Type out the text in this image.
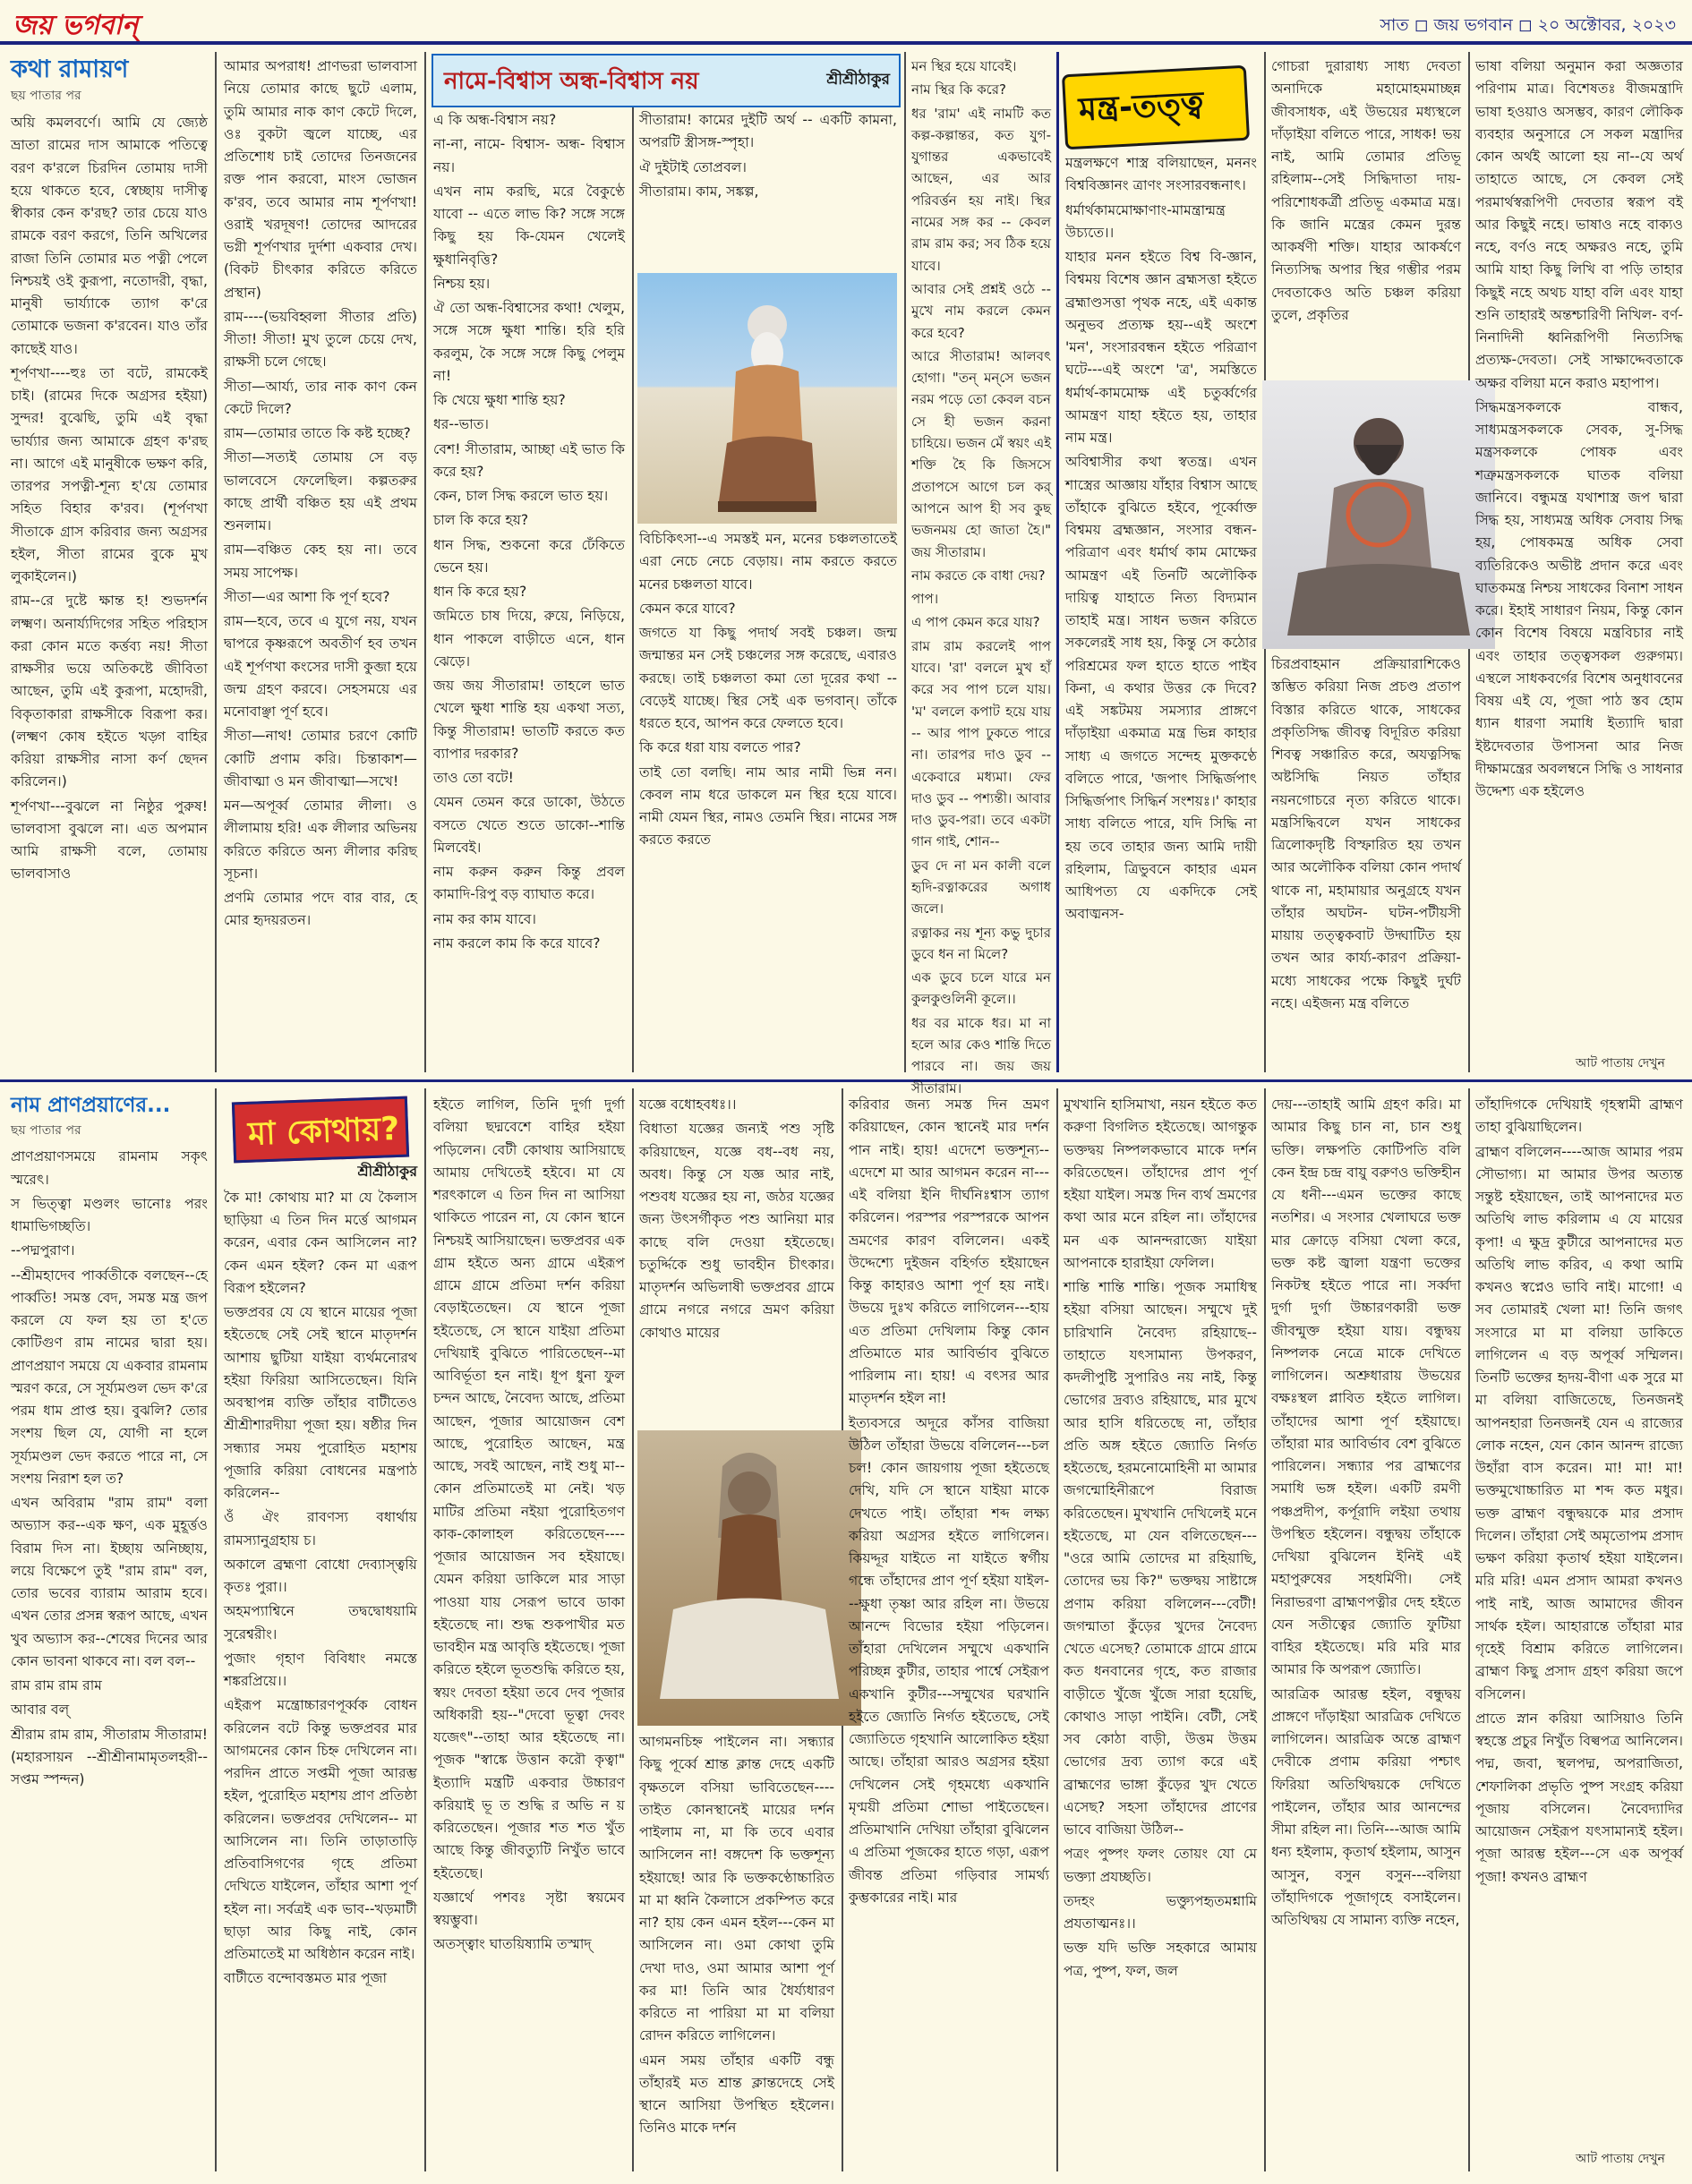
জয় ভগবান্	সাত ◻ জয় ভগবান ◻ ২০ অক্টোবর, ২০২৩
কথা রামায়ণ
ছয় পাতার পর

অয়ি কমলবর্ণে। আমি যে জ্যেষ্ঠ ভ্রাতা রামের দাস আমাকে পতিত্বে বরণ ক'রলে চিরদিন তোমায় দাসী হয়ে থাকতে হবে, স্বেচ্ছায় দাসীত্ব স্বীকার কেন ক'রছ? তার চেয়ে যাও রামকে বরণ করগে, তিনি অখিলের রাজা তিনি তোমার মত পত্নী পেলে নিশ্চয়ই ওই কুরূপা, নতোদরী, বৃদ্ধা, মানুষী ভার্য্যাকে ত্যাগ ক'রে তোমাকে ভজনা ক'রবেন। যাও তাঁর কাছেই যাও।

শূর্পণখা----হুঃ তা বটে, রামকেই চাই। (রামের দিকে অগ্রসর হইয়া) সুন্দর! বুঝেছি, তুমি এই বৃদ্ধা ভার্য্যার জন্য আমাকে গ্রহণ ক'রছ না। আগে এই মানুষীকে ভক্ষণ করি, তারপর সপত্নী-শূন্য হ'য়ে তোমার সহিত বিহার ক'রব। (শূর্পণখা সীতাকে গ্রাস করিবার জন্য অগ্রসর হইল, সীতা রামের বুকে মুখ লুকাইলেন।)

রাম--রে দুষ্টে ক্ষান্ত হ! শুভদর্শন লক্ষ্মণ। অনার্য্যদিগের সহিত পরিহাস করা কোন মতে কর্ত্তব্য নয়! সীতা রাক্ষসীর ভয়ে অতিকষ্টে জীবিতা আছেন, তুমি এই কুরূপা, মহোদরী, বিকৃতাকারা রাক্ষসীকে বিরূপা কর। (লক্ষ্মণ কোষ হইতে খড়্গ বাহির করিয়া রাক্ষসীর নাসা কর্ণ ছেদন করিলেন।)

শূর্পণখা---বুঝলে না নিষ্ঠুর পুরুষ! ভালবাসা বুঝলে না। এত অপমান আমি রাক্ষসী বলে, তোমায় ভালবাসাও

আমার অপরাধ! প্রাণভরা ভালবাসা নিয়ে তোমার কাছে ছুটে এলাম, তুমি আমার নাক কাণ কেটে দিলে, ওঃ বুকটা জ্বলে যাচ্ছে, এর প্রতিশোধ চাই তোদের তিনজনের রক্ত পান করবো, মাংস ভোজন ক'রব, তবে আমার নাম শূর্পণখা! ওরাই খরদূষণ! তোদের আদরের ভগ্নী শূর্পণখার দুর্দশা একবার দেখ। (বিকট চীৎকার করিতে করিতে প্রস্থান)

রাম----(ভয়বিহ্বলা সীতার প্রতি) সীতা! সীতা! মুখ তুলে চেয়ে দেখ, রাক্ষসী চলে গেছে।

সীতা—আর্য্য, তার নাক কাণ কেন কেটে দিলে?

রাম—তোমার তাতে কি কষ্ট হচ্ছে?

সীতা—সত্যই তোমায় সে বড় ভালবেসে ফেলেছিল। কল্পতরুর কাছে প্রার্থী বঞ্চিত হয় এই প্রথম শুনলাম।

রাম—বঞ্চিত কেহ হয় না। তবে সময় সাপেক্ষ।

সীতা—এর আশা কি পূর্ণ হবে?

রাম—হবে, তবে এ যুগে নয়, যখন দ্বাপরে কৃষ্ণরূপে অবতীর্ণ হব তখন এই শূর্পণখা কংসের দাসী কুব্জা হয়ে জন্ম গ্রহণ করবে। সেহসময়ে এর মনোবাঞ্ছা পূর্ণ হবে।

সীতা—নাথ! তোমার চরণে কোটি কোটি প্রণাম করি। চিন্তাকাশ—জীবাত্মা ও মন জীবাত্মা—সখে!

মন—অপূর্ব্ব তোমার লীলা। ও লীলামায় হরি! এক লীলার অভিনয় করিতে করিতে অন্য লীলার করিছ সূচনা।

প্রণমি তোমার পদে বার বার, হে মোর হৃদয়রতন।

নামে-বিশ্বাস অন্ধ-বিশ্বাস নয়	শ্রীশ্রীঠাকুর

এ কি অন্ধ-বিশ্বাস নয়?

না-না, নামে- বিশ্বাস- অন্ধ- বিশ্বাস নয়।

এখন নাম করছি, মরে বৈকুণ্ঠে যাবো -- এতে লাভ কি? সঙ্গে সঙ্গে কিছু হয় কি-যেমন খেলেই ক্ষুধানিবৃত্তি?

নিশ্চয় হয়।

ঐ তো অন্ধ-বিশ্বাসের কথা! খেলুম, সঙ্গে সঙ্গে ক্ষুধা শান্তি। হরি হরি করলুম, কৈ সঙ্গে সঙ্গে কিছু পেলুম না!

কি খেয়ে ক্ষুধা শান্তি হয়?

ধর--ভাত।

বেশ! সীতারাম, আচ্ছা এই ভাত কি করে হয়?

কেন, চাল সিদ্ধ করলে ভাত হয়।

চাল কি করে হয়?

ধান সিদ্ধ, শুকনো করে ঢেঁকিতে ভেনে হয়।

ধান কি করে হয়?

জমিতে চাষ দিয়ে, রুয়ে, নিড়িয়ে, ধান পাকলে বাড়ীতে এনে, ধান ঝেড়ে।

জয় জয় সীতারাম! তাহলে ভাত খেলে ক্ষুধা শান্তি হয় একথা সত্য, কিন্তু সীতারাম! ভাতটি করতে কত ব্যাপার দরকার?

তাও তো বটে!

যেমন তেমন করে ডাকো, উঠতে বসতে খেতে শুতে ডাকো--শান্তি মিলবেই।

নাম করুন করুন কিন্তু প্রবল কামাদি-রিপু বড় ব্যাঘাত করে।

নাম কর কাম যাবে।

নাম করলে কাম কি করে যাবে?

সীতারাম! কামের দুইটি অর্থ -- একটি কামনা, অপরটি স্ত্রীসঙ্গ-স্পৃহা।

ঐ দুইটাই তোপ্রবল।

সীতারাম। কাম, সঙ্কল্প,

বিচিকিৎসা--এ সমস্তই মন, মনের চঞ্চলতাতেই এরা নেচে নেচে বেড়ায়। নাম করতে করতে মনের চঞ্চলতা যাবে।

কেমন করে যাবে?

জগতে যা কিছু পদার্থ সবই চঞ্চল। জন্ম জন্মান্তর মন সেই চঞ্চলের সঙ্গ করেছে, এবারও করছে। তাই চঞ্চলতা কমা তো দূরের কথা -- বেড়েই যাচ্ছে। স্থির সেই এক ভগবান্। তাঁকে ধরতে হবে, আপন করে ফেলতে হবে।

কি করে ধরা যায় বলতে পার?

তাই তো বলছি। নাম আর নামী ভিন্ন নন। কেবল নাম ধরে ডাকলে মন স্থির হয়ে যাবে। নামী যেমন স্থির, নামও তেমনি স্থির। নামের সঙ্গ করতে করতে

মন স্থির হয়ে যাবেই।

নাম স্থির কি করে?

ধর 'রাম' এই নামটি কত কল্প-কল্পান্তর, কত যুগ-যুগান্তর একভাবেই আছেন, এর আর পরিবর্ত্তন হয় নাই। স্থির নামের সঙ্গ কর -- কেবল রাম রাম কর; সব ঠিক হয়ে যাবে।

আবার সেই প্রশ্নই ওঠে -- মুখে নাম করলে কেমন করে হবে?

আরে সীতারাম! আলবৎ হোগা। "তন্ মন্‌সে ভজন নরম পড়ে তো কেবল বচন সে হী ভজন করনা চাহিয়ে। ভজন মেঁ স্বয়ং এই শক্তি হৈ কি জিসসে প্রতাপসে আগে চল কর্ আপনে আপ হী সব কুছ ভজনময় হো জাতা হৈ।" জয় সীতারাম।

নাম করতে কে বাধা দেয়?

পাপ।

এ পাপ কেমন করে যায়?

রাম রাম করলেই পাপ যাবে। 'রা' বললে মুখ হাঁ করে সব পাপ চলে যায়। 'ম' বললে কপাট হয়ে যায় -- আর পাপ ঢুকতে পারে না। তারপর দাও ডুব -- একেবারে মধ্যমা। ফের দাও ডুব -- পশ্যন্তী। আবার দাও ডুব-পরা। তবে একটা গান গাই, শোন--

ডুব দে না মন কালী বলে হৃদি-রত্নাকরের অগাধ জলে।

রত্নাকর নয় শূন্য কভু দুচার ডুবে ধন না মিলে?

এক ডুবে চলে যারে মন কুলকুণ্ডলিনী কূলে।।

ধর বর মাকে ধর। মা না হলে আর কেও শান্তি দিতে পারবে না। জয় জয় সীতারাম।

মন্ত্র-তত্ত্ব

মন্ত্রলক্ষণে শাস্ত্র বলিয়াছেন, মননং বিশ্ববিজ্ঞানং ত্রাণং সংসারবন্ধনাৎ।

ধর্মার্থকামমোক্ষাণাং-মামন্ত্রান্মন্ত্র উচ্যতে।।

যাহার মনন হইতে বিশ্ব বি-জ্ঞান, বিশ্বময় বিশেষ জ্ঞান ব্রহ্মসত্তা হইতে ব্রহ্মাণ্ডসত্তা পৃথক নহে, এই একান্ত অনুভব প্রত্যক্ষ হয়--এই অংশে 'মন', সংসারবন্ধন হইতে পরিত্রাণ ঘটে---এই অংশে 'ত্র', সমস্তিতে ধর্মার্থ-কামমোক্ষ এই চতুর্ব্বর্গের আমন্ত্রণ যাহা হইতে হয়, তাহার নাম মন্ত্র।

অবিশ্বাসীর কথা স্বতন্ত্র। এখন শাস্ত্রের আজ্ঞায় যাঁহার বিশ্বাস আছে তাঁহাকে বুঝিতে হইবে, পূর্ব্বোক্ত বিশ্বময় ব্রহ্মজ্ঞান, সংসার বন্ধন-পরিত্রাণ এবং ধর্মার্থ কাম মোক্ষের আমন্ত্রণ এই তিনটি অলৌকিক দায়িত্ব যাহাতে নিত্য বিদ্যমান তাহাই মন্ত্র। সাধন ভজন করিতে সকলেরই সাধ হয়, কিন্তু সে কঠোর পরিশ্রমের ফল হাতে হাতে পাইব কিনা, এ কথার উত্তর কে দিবে? এই সঙ্কটময় সমস্যার প্রাঙ্গণে দাঁড়াইয়া একমাত্র মন্ত্র ভিন্ন কাহার সাধ্য এ জগতে সন্দেহ মুক্তকণ্ঠে বলিতে পারে, 'জপাৎ সিদ্ধির্জপাৎ সিদ্ধির্জপাৎ সিদ্ধির্ন সংশয়ঃ।' কাহার সাধ্য বলিতে পারে, যদি সিদ্ধি না হয় তবে তাহার জন্য আমি দায়ী রহিলাম, ত্রিভুবনে কাহার এমন আধিপত্য যে একদিকে সেই অবাঙ্মনস-

গোচরা দুরারাধ্য সাধ্য দেবতা অনাদিকে মহামোহমমাচ্ছন্ন জীবসাধক, এই উভয়ের মধ্যস্থলে দাঁড়াইয়া বলিতে পারে, সাধক! ভয় নাই, আমি তোমার প্রতিভূ রহিলাম--সেই সিদ্ধিদাতা দায়-পরিশোধকর্ত্রী প্রতিভূ একমাত্র মন্ত্র। কি জানি মন্ত্রের কেমন দুরন্ত আকর্ষণী শক্তি। যাহার আকর্ষণে নিত্যসিদ্ধ অপার স্থির গম্ভীর পরম দেবতাকেও অতি চঞ্চল করিয়া তুলে, প্রকৃতির

চিরপ্রবাহমান প্রক্রিয়ারাশিকেও স্তম্ভিত করিয়া নিজ প্রচণ্ড প্রতাপ বিস্তার করিতে থাকে, সাধকের প্রকৃতিসিদ্ধ জীবত্ব বিদূরিত করিয়া শিবত্ব সঞ্চারিত করে, অযত্নসিদ্ধ অষ্টসিদ্ধি নিয়ত তাঁহার নয়নগোচরে নৃত্য করিতে থাকে। মন্ত্রসিদ্ধিবলে যখন সাধকের ত্রিলোকদৃষ্টি বিস্ফারিত হয় তখন আর অলৌকিক বলিয়া কোন পদার্থ থাকে না, মহামায়ার অনুগ্রহে যখন তাঁহার অঘটন- ঘটন-পটীয়সী মায়ায় তত্ত্বকবাট উদ্ঘাটিত হয় তখন আর কার্য্য-কারণ প্রক্রিয়া-মধ্যে সাধকের পক্ষে কিছুই দুর্ঘট নহে। এইজন্য মন্ত্র বলিতে

ভাষা বলিয়া অনুমান করা অজ্ঞতার পরিণাম মাত্র। বিশেষতঃ বীজমন্ত্রাদি ভাষা হওয়াও অসম্ভব, কারণ লৌকিক ব্যবহার অনুসারে সে সকল মন্ত্রাদির কোন অর্থই আলো হয় না--যে অর্থ তাহাতে আছে, সে কেবল সেই পরমার্থস্বরূপিণী দেবতার স্বরূপ বই আর কিছুই নহে। ভাষাও নহে বাক্যও নহে, বর্ণও নহে অক্ষরও নহে, তুমি আমি যাহা কিছু লিখি বা পড়ি তাহার কিছুই নহে অথচ যাহা বলি এবং যাহা শুনি তাহারই অন্তশ্চারিণী নিখিল- বর্ণ-নিনাদিনী ধ্বনিরূপিণী নিত্যসিদ্ধ প্রত্যক্ষ-দেবতা। সেই সাক্ষাদ্দেবতাকে অক্ষর বলিয়া মনে করাও মহাপাপ।

সিদ্ধমন্ত্রসকলকে বান্ধব, সাধ্যমন্ত্রসকলকে সেবক, সু-সিদ্ধ মন্ত্রসকলকে পোষক এবং শত্রুমন্ত্রসকলকে ঘাতক বলিয়া জানিবে। বন্ধুমন্ত্র যথাশাস্ত্র জপ দ্বারা সিদ্ধ হয়, সাধ্যমন্ত্র অধিক সেবায় সিদ্ধ হয়, পোষকমন্ত্র অধিক সেবা ব্যতিরিকেও অভীষ্ট প্রদান করে এবং ঘাতকমন্ত্র নিশ্চয় সাধকের বিনাশ সাধন করে। ইহাই সাধারণ নিয়ম, কিন্তু কোন কোন বিশেষ বিষয়ে মন্ত্রবিচার নাই এবং তাহার তত্ত্বসকল গুরুগম্য। এস্থলে সাধকবর্গের বিশেষ অনুধাবনের বিষয় এই যে, পূজা পাঠ স্তব হোম ধ্যান ধারণা সমাধি ইত্যাদি দ্বারা ইষ্টদেবতার উপাসনা আর নিজ দীক্ষামন্ত্রের অবলম্বনে সিদ্ধি ও সাধনার উদ্দেশ্য এক হইলেও

আট পাতায় দেখুন
নাম প্রাণপ্রয়াণের...
ছয় পাতার পর

প্রাণপ্রয়াণসময়ে রামনাম সকৃৎ স্মরেৎ।

স ভিত্ত্বা মণ্ডলং ভানোঃ পরং ধামাভিগচ্ছতি।

--পদ্মপুরাণ।

--শ্রীমহাদেব পার্ব্বতীকে বলছেন--হে পার্ব্বতি! সমস্ত বেদ, সমস্ত মন্ত্র জপ করলে যে ফল হয় তা হ'তে কোটিগুণ রাম নামের দ্বারা হয়। প্রাণপ্রয়াণ সময়ে যে একবার রামনাম স্মরণ করে, সে সূর্য্যমণ্ডল ভেদ ক'রে পরম ধাম প্রাপ্ত হয়। বুঝলি? তোর সংশয় ছিল যে, যোগী না হলে সূর্য্যমণ্ডল ভেদ করতে পারে না, সে সংশয় নিরাশ হল ত?

এখন অবিরাম "রাম রাম" বলা অভ্যাস কর--এক ক্ষণ, এক মুহূর্ত্তও বিরাম দিস না। ইচ্ছায় অনিচ্ছায়, লয়ে বিক্ষেপে তুই "রাম রাম" বল, তোর ভবের ব্যারাম আরাম হবে। এখন তোর প্রসন্ন স্বরূপ আছে, এখন খুব অভ্যাস কর--শেষের দিনের আর কোন ভাবনা থাকবে না। বল বল--

রাম রাম রাম রাম

আবার বল্

শ্রীরাম রাম রাম, সীতারাম সীতারাম! (মহারসায়ন --শ্রীশ্রীনামামৃতলহরী-- সপ্তম স্পন্দন)

মা কোথায়?
শ্রীশ্রীঠাকুর

কৈ মা! কোথায় মা? মা যে কৈলাস ছাড়িয়া এ তিন দিন মর্ত্তে আগমন করেন, এবার কেন আসিলেন না? কেন এমন হইল? কেন মা এরূপ বিরূপ হইলেন?

ভক্তপ্রবর যে যে স্থানে মায়ের পূজা হইতেছে সেই সেই স্থানে মাতৃদর্শন আশায় ছুটিয়া যাইয়া ব্যর্থমনোরথ হইয়া ফিরিয়া আসিতেছেন। যিনি অবস্থাপন্ন ব্যক্তি তাঁহার বাটীতেও শ্রীশ্রীশারদীয়া পূজা হয়। ষষ্ঠীর দিন সন্ধ্যার সময় পুরোহিত মহাশয় পূজারি করিয়া বোধনের মন্ত্রপাঠ করিলেন--

ওঁ ঐং রাবণস্য বধার্থায় রামস্যানুগ্রহায় চ।

অকালে ব্রহ্মণা বোধো দেব্যাস্ত্বয়ি কৃতঃ পুরা।।

অহমপ্যাশ্বিনে তদ্বদ্বোধয়ামি সুরেশ্বরীং।

পুজাং গৃহাণ বিবিধাং নমস্তে শঙ্করপ্রিয়ে।।

এইরূপ মন্ত্রোচ্চারণপূর্ব্বক বোধন করিলেন বটে কিন্তু ভক্তপ্রবর মার আগমনের কোন চিহ্ন দেখিলেন না। পরদিন প্রাতে সপ্তমী পূজা আরম্ভ হইল, পুরোহিত মহাশয় প্রাণ প্রতিষ্ঠা করিলেন। ভক্তপ্রবর দেখিলেন-- মা আসিলেন না। তিনি তাড়াতাড়ি প্রতিবাসিগণের গৃহে প্রতিমা দেখিতে যাইলেন, তাঁহার আশা পূর্ণ হইল না। সর্বত্রই এক ভাব--খড়মাটী ছাড়া আর কিছু নাই, কোন প্রতিমাতেই মা অধিষ্ঠান করেন নাই।

বাটীতে বন্দোবস্তমত মার পূজা

হইতে লাগিল, তিনি দুর্গা দুর্গা বলিয়া ছদ্মবেশে বাহির হইয়া পড়িলেন। বেটী কোথায় আসিয়াছে আমায় দেখিতেই হইবে। মা যে শরৎকালে এ তিন দিন না আসিয়া থাকিতে পারেন না, যে কোন স্থানে নিশ্চয়ই আসিয়াছেন। ভক্তপ্রবর এক গ্রাম হইতে অন্য গ্রামে এইরূপ গ্রামে গ্রামে প্রতিমা দর্শন করিয়া বেড়াইতেছেন। যে স্থানে পূজা হইতেছে, সে স্থানে যাইয়া প্রতিমা দেখিয়াই বুঝিতে পারিতেছেন--মা আবির্ভূতা হন নাই। ধূপ ধুনা ফুল চন্দন আছে, নৈবেদ্য আছে, প্রতিমা আছেন, পূজার আয়োজন বেশ আছে, পুরোহিত আছেন, মন্ত্র আছে, সবই আছেন, নাই শুধু মা--কোন প্রতিমাতেই মা নেই। খড় মাটির প্রতিমা নইয়া পুরোহিতগণ কাক-কোলাহল করিতেছেন---- পূজার আয়োজন সব হইয়াছে। যেমন করিয়া ডাকিলে মার সাড়া পাওয়া যায় সেরূপ ভাবে ডাকা হইতেছে না। শুদ্ধ শুকপাখীর মত ভাবহীন মন্ত্র আবৃত্তি হইতেছে। পূজা করিতে হইলে ভূতশুদ্ধি করিতে হয়, স্বয়ং দেবতা হইয়া তবে দেব পূজার অধিকারী হয়--"দেবো ভূত্বা দেবং যজেৎ"--তাহা আর হইতেছে না। পূজক "স্বাঙ্কে উত্তান করৌ কৃত্বা" ইত্যাদি মন্ত্রটি একবার উচ্চারণ করিয়াই ভূ ত শুদ্ধি র অভি ন য় করিতেছেন। পূজার শত শত খুঁত আছে কিন্তু জীবত্যুটি নিখুঁত ভাবে হইতেছে।

যজ্ঞার্থে পশবঃ সৃষ্টা স্বয়মেব স্বয়ম্ভুবা।

অতস্ত্বাং ঘাতয়িষ্যামি তস্মাদ্

যজ্ঞে বধোহবধঃ।।

বিধাতা যজ্ঞের জন্যই পশু সৃষ্টি করিয়াছেন, যজ্ঞে বধ--বধ নয়, অবধ। কিন্তু সে যজ্ঞ আর নাই, পশুবধ যজ্ঞের হয় না, জঠর যজ্ঞের জন্য উৎসর্গীকৃত পশু আনিয়া মার কাছে বলি দেওয়া হইতেছে। চতুর্দ্দিকে শুধু ভাবহীন চীৎকার। মাতৃদর্শন অভিলাষী ভক্তপ্রবর গ্রামে গ্রামে নগরে নগরে ভ্রমণ করিয়া কোথাও মায়ের

আগমনচিহ্ন পাইলেন না। সন্ধ্যার কিছু পূর্ব্বে শ্রান্ত ক্লান্ত দেহে একটি বৃক্ষতলে বসিয়া ভাবিতেছেন----তাইত কোনস্থানেই মায়ের দর্শন পাইলাম না, মা কি তবে এবার আসিলেন না! বঙ্গদেশ কি ভক্তশূন্য হইয়াছে! আর কি ভক্তকণ্ঠোচ্চারিত মা মা ধ্বনি কৈলাসে প্রকম্পিত করে না? হায় কেন এমন হইল---কেন মা আসিলেন না। ওমা কোথা তুমি দেখা দাও, ওমা আমার আশা পূর্ণ কর মা! তিনি আর ধৈর্য্যধারণ করিতে না পারিয়া মা মা বলিয়া রোদন করিতে লাগিলেন।

এমন সময় তাঁহার একটি বন্ধু তাঁহারই মত শ্রান্ত ক্লান্তদেহে সেই স্থানে আসিয়া উপস্থিত হইলেন। তিনিও মাকে দর্শন

করিবার জন্য সমস্ত দিন ভ্রমণ করিয়াছেন, কোন স্থানেই মার দর্শন পান নাই। হায়! এদেশে ভক্তশূন্য--এদেশে মা আর আগমন করেন না---এই বলিয়া ইনি দীর্ঘনিঃশ্বাস ত্যাগ করিলেন। পরস্পর পরস্পরকে আপন ভ্রমণের কারণ বলিলেন। একই উদ্দেশ্যে দুইজন বহির্গত হইয়াছেন কিন্তু কাহারও আশা পূর্ণ হয় নাই। উভয়ে দুঃখ করিতে লাগিলেন---হায় এত প্রতিমা দেখিলাম কিন্তু কোন প্রতিমাতে মার আবির্ভাব বুঝিতে পারিলাম না। হায়! এ বৎসর আর মাতৃদর্শন হইল না!

ইত্যবসরে অদূরে কাঁসর বাজিয়া উঠিল তাঁহারা উভয়ে বলিলেন---চল চল! কোন জায়গায় পূজা হইতেছে দেখি, যদি সে স্থানে যাইয়া মাকে দেখতে পাই। তাঁহারা শব্দ লক্ষ্য করিয়া অগ্রসর হইতে লাগিলেন। কিয়দ্দূর যাইতে না যাইতে স্বর্গীয় গন্ধে তাঁহাদের প্রাণ পূর্ণ হইয়া যাইল---ক্ষুধা তৃষ্ণা আর রহিল না। উভয়ে আনন্দে বিভোর হইয়া পড়িলেন। তাঁহারা দেখিলেন সম্মুখে একখানি পরিচ্ছন্ন কুটীর, তাহার পার্শ্বে সেইরূপ একখানি কুটীর---সম্মুখের ঘরখানি হইতে জ্যোতি নির্গত হইতেছে, সেই জ্যোতিতে গৃহখানি আলোকিত হইয়া আছে। তাঁহারা আরও অগ্রসর হইয়া দেখিলেন সেই গৃহমধ্যে একখানি মৃণ্ময়ী প্রতিমা শোভা পাইতেছেন। প্রতিমাখানি দেখিয়া তাঁহারা বুঝিলেন এ প্রতিমা পূজকের হাতে গড়া, এরূপ জীবন্ত প্রতিমা গড়িবার সামর্থ্য কুম্ভকারের নাই। মার

মুখখানি হাসিমাখা, নয়ন হইতে কত করুণা বিগলিত হইতেছে। আগন্তুক ভক্তদ্বয় নিষ্পলকভাবে মাকে দর্শন করিতেছেন। তাঁহাদের প্রাণ পূর্ণ হইয়া যাইল। সমস্ত দিন ব্যর্থ ভ্রমণের কথা আর মনে রহিল না। তাঁহাদের মন এক আনন্দরাজ্যে যাইয়া আপনাকে হারাইয়া ফেলিল।

শান্তি শান্তি শান্তি। পূজক সমাধিস্থ হইয়া বসিয়া আছেন। সম্মুখে দুই চারিখানি নৈবেদ্য রহিয়াছে--তাহাতে যৎসামান্য উপকরণ, কদলীপুষ্টি সুপারিও নয় নাই, কিন্তু ভোগের দ্রব্যও রহিয়াছে, মার মুখে আর হাসি ধরিতেছে না, তাঁহার প্রতি অঙ্গ হইতে জ্যোতি নির্গত হইতেছে, হরমনোমোহিনী মা আমার জগন্মোহিনীরূপে বিরাজ করিতেছেন। মুখখানি দেখিলেই মনে হইতেছে, মা যেন বলিতেছেন---"ওরে আমি তোদের মা রহিয়াছি, তোদের ভয় কি?" ভক্তদ্বয় সাষ্টাঙ্গে প্রণাম করিয়া বলিলেন---বেটী! জগন্মাতা কুঁড়ের খুদের নৈবেদ্য খেতে এসেছ? তোমাকে গ্রামে গ্রামে কত ধনবানের গৃহে, কত রাজার বাড়ীতে খুঁজে খুঁজে সারা হয়েছি, কোথাও সাড়া পাইনি। বেটী, সেই সব কোঠা বাড়ী, উত্তম উত্তম ভোগের দ্রব্য ত্যাগ করে এই ব্রাহ্মণের ভাঙ্গা কুঁড়ের খুদ খেতে এসেছ? সহসা তাঁহাদের প্রাণের ভাবে বাজিয়া উঠিল--

পত্রং পুষ্পং ফলং তোয়ং যো মে ভক্ত্যা প্রযচ্ছতি।

তদহং ভক্ত্যুপহৃতমশ্নামি প্রযতাত্মনঃ।।

ভক্ত যদি ভক্তি সহকারে আমায় পত্র, পুষ্প, ফল, জল

দেয়---তাহাই আমি গ্রহণ করি। মা আমার কিছু চান না, চান শুধু ভক্তি। লক্ষপতি কোটিপতি বলি কেন ইন্দ্র চন্দ্র বায়ু বরুণও ভক্তিহীন যে ধনী---এমন ভক্তের কাছে নতশির। এ সংসার খেলাঘরে ভক্ত মার ক্রোড়ে বসিয়া খেলা করে, ভক্ত কষ্ট জ্বালা যন্ত্রণা ভক্তের নিকটস্থ হইতে পারে না। সর্ব্বদা দুর্গা দুর্গা উচ্চারণকারী ভক্ত জীবন্মুক্ত হইয়া যায়। বন্ধুদ্বয় নিষ্পলক নেত্রে মাকে দেখিতে লাগিলেন। অশ্রুধারায় উভয়ের বক্ষঃস্থল প্লাবিত হইতে লাগিল। তাঁহাদের আশা পূর্ণ হইয়াছে। তাঁহারা মার আবির্ভাব বেশ বুঝিতে পারিলেন। সন্ধ্যার পর ব্রাহ্মণের সমাধি ভঙ্গ হইল। একটি রমণী পঞ্চপ্রদীপ, কর্পূরাদি লইয়া তথায় উপস্থিত হইলেন। বন্ধুদ্বয় তাঁহাকে দেখিয়া বুঝিলেন ইনিই এই মহাপুরুষের সহধর্মিণী। সেই নিরাভরণা ব্রাহ্মণপত্নীর দেহ হইতে যেন সতীত্বের জ্যোতি ফুটিয়া বাহির হইতেছে। মরি মরি মার আমার কি অপরূপ জ্যোতি।

আরত্রিক আরম্ভ হইল, বন্ধুদ্বয় প্রাঙ্গণে দাঁড়াইয়া আরত্রিক দেখিতে লাগিলেন। আরত্রিক অন্তে ব্রাহ্মণ দেবীকে প্রণাম করিয়া পশ্চাৎ ফিরিয়া অতিথিদ্বয়কে দেখিতে পাইলেন, তাঁহার আর আনন্দের সীমা রহিল না। তিনি---আজ আমি ধন্য হইলাম, কৃতার্থ হইলাম, আসুন আসুন, বসুন বসুন---বলিয়া তাঁহাদিগকে পূজাগৃহে বসাইলেন। অতিথিদ্বয় যে সামান্য ব্যক্তি নহেন,

তাঁহাদিগকে দেখিয়াই গৃহস্বামী ব্রাহ্মণ তাহা বুঝিয়াছিলেন।

ব্রাহ্মণ বলিলেন----আজ আমার পরম সৌভাগ্য। মা আমার উপর অত্যন্ত সন্তুষ্ট হইয়াছেন, তাই আপনাদের মত অতিথি লাভ করিলাম এ যে মায়ের কৃপা! এ ক্ষুদ্র কুটীরে আপনাদের মত অতিথি লাভ করিব, এ কথা আমি কখনও স্বপ্নেও ভাবি নাই। মাগো! এ সব তোমারই খেলা মা! তিনি জগৎ সংসারে মা মা বলিয়া ডাকিতে লাগিলেন এ বড় অপূর্ব্ব সম্মিলন। তিনটি ভক্তের হৃদয়-বীণা এক সুরে মা মা বলিয়া বাজিতেছে, তিনজনই আপনহারা তিনজনই যেন এ রাজ্যের লোক নহেন, যেন কোন আনন্দ রাজ্যে উহাঁরা বাস করেন। মা! মা! মা! ভক্তমুখোচ্চারিত মা শব্দ কত মধুর। ভক্ত ব্রাহ্মণ বন্ধুদ্বয়কে মার প্রসাদ দিলেন। তাঁহারা সেই অমৃতোপম প্রসাদ ভক্ষণ করিয়া কৃতার্থ হইয়া যাইলেন। মরি মরি! এমন প্রসাদ আমরা কখনও পাই নাই, আজ আমাদের জীবন সার্থক হইল। আহারান্তে তাঁহারা মার গৃহেই বিশ্রাম করিতে লাগিলেন। ব্রাহ্মণ কিছু প্রসাদ গ্রহণ করিয়া জপে বসিলেন।

প্রাতে স্নান করিয়া আসিয়াও তিনি স্বহস্তে প্রচুর নিখুঁত বিল্বপত্র আনিলেন। পদ্ম, জবা, স্থলপদ্ম, অপরাজিতা, শেফালিকা প্রভৃতি পুষ্প সংগ্রহ করিয়া পূজায় বসিলেন। নৈবেদ্যাদির আয়োজন সেইরূপ যৎসামান্যই হইল। পূজা আরম্ভ হইল---সে এক অপূর্ব্ব পূজা! কখনও ব্রাহ্মণ

আট পাতায় দেখুন
